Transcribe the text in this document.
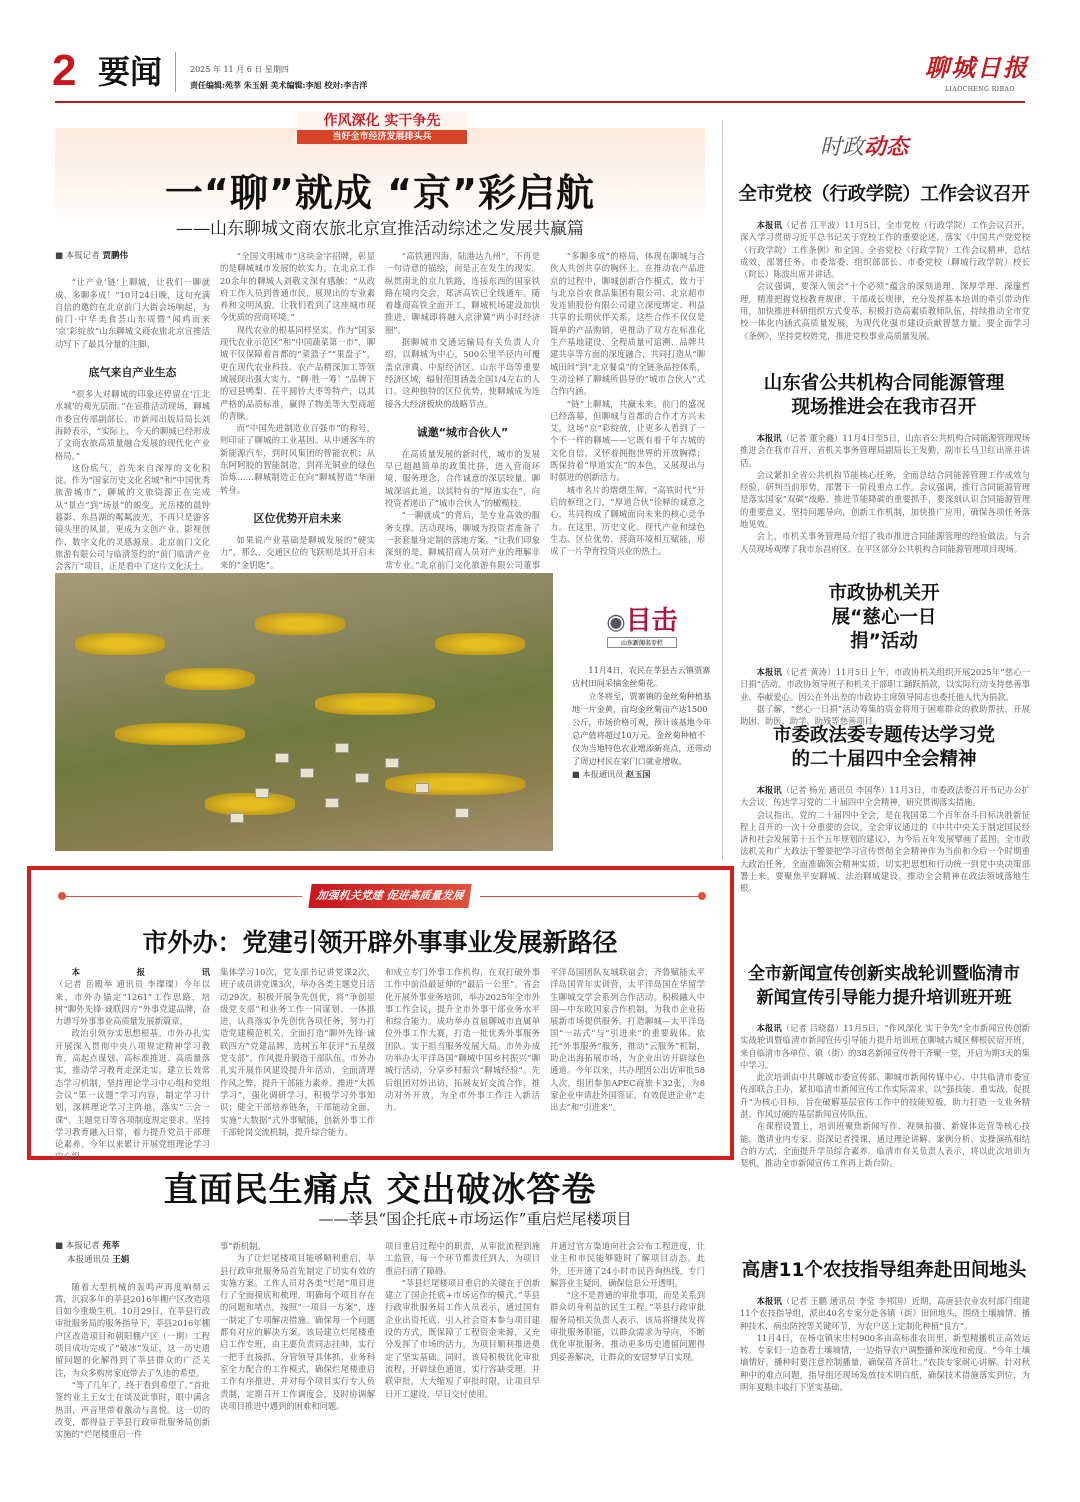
2 要闻	2025 年 11 月 6 日 星期四
责任编辑:苑莘 朱玉娟 美术编辑:李旭 校对:李吉洋
聊城日报
LIAOCHENG RIBAO
作风深化 实干争先
当好全市经济发展排头兵
一“聊”就成 “京”彩启航
——山东聊城文商农旅北京宣推活动综述之发展共赢篇
■ 本报记者 贾鹏伟

“让产业‘链’上聊城，让我们一聊就成、多聊多成！”10月24日晚，这句充满自信的邀约在北京前门大街会场响起，为前门·中华美食荟山东周暨“闻鸡而来 ‘京’彩绽放”山东聊城文商农旅北京宣推活动写下了最具分量的注脚。

底气来自产业生态

“很多人对聊城的印象还停留在‘江北水城’的观光层面。”在宣推活动现场，聊城市委宣传部副部长、市新闻出版局局长刘海龄表示，“实际上，今天的聊城已经形成了文商农旅高质量融合发展的现代化产业格局。”

这份底气，首先来自深厚的文化积淀。作为“国家历史文化名城”和“中国优秀旅游城市”，聊城的文旅资源正在完成从“景点”到“场景”的蜕变。光岳楼的晨钟暮影、东昌湖的粼粼波光，不再只是游客镜头里的风景，更成为文创产业、影视创作、数字文化的灵感源泉。北京前门文化旅游有限公司与临清签约的“前门临清产业会客厅”项目，正是看中了这片文化沃土。

“全国文明城市”这块金字招牌，彰显的是聊城城市发展的软实力。在北京工作20余年的聊城人刘敬文深有感触：“从政府工作人员到普通市民，展现出的专业素养和文明风貌，让我们看到了这座城市现今优质的营商环境。”

现代农业的根基同样坚实。作为“国家现代农业示范区”和“中国蔬菜第一市”，聊城不仅保障着首都的“菜篮子”“果盘子”，更在现代农业科技、农产品精深加工等领域展现出强大实力。“聊·胜一筹！”品牌下的冠县鸭梨、茌平圆铃大枣等特产，以其严格的品质标准，赢得了物美等大型商超的青睐。

而“中国先进制造业百强市”的称号，则印证了聊城的工业基因。从中通客车的新能源汽车，到时风集团的智能农机；从东阿阿胶的智能制造，到祥光铜业的绿色冶炼……聊城制造正在向“聊城智造”华丽转身。

区位优势开启未来

如果说产业基础是聊城发展的“硬实力”，那么，交通区位的飞跃则是其开启未来的“金钥匙”。

“高铁通四海，陆港达九州”，不再是一句诗意的描绘，而是正在发生的现实。纵贯南北的京九铁路，连接东西的国家铁路在境内交会，郑济高铁已全线通车。随着雄商高铁全面开工，聊城机场建设加快推进，聊城即将融入京津冀“两小时经济圈”。

据聊城市交通运输局有关负责人介绍，以聊城为中心，500公里半径内可覆盖京津冀、中原经济区、山东半岛等重要经济区域，辐射范围涵盖全国1/4左右的人口。这种独特的区位优势，使聊城成为连接各大经济板块的战略节点。

诚邀“城市合伙人”

在高质量发展的新时代，城市的发展早已超越简单的政策比拼，进入营商环境、服务理念、合作诚意的深层较量。聊城深谙此道，以其特有的“厚道实在”，向投资者递出了“城市合伙人”的橄榄枝。

“一聊就成”的背后，是专业高效的服务支撑。活动现场，聊城为投资者准备了一套套量身定制的落地方案。“让我们印象深刻的是，聊城招商人员对产业的理解非常专业。”北京前门文化旅游有限公司董事

“多聊多成”的格局，体现在聊城与合伙人共创共享的胸怀上。在推动农产品进京的过程中，聊城创新合作模式，致力于与北京首农食品集团有限公司、北京超市发连锁股份有限公司建立深度绑定、利益共享的长期伙伴关系。这些合作不仅仅是简单的产品购销，更推动了双方在标准化生产基地建设、全程质量可追溯、品牌共建共享等方面的深度融合，共同打造从“聊城田间”到“北京餐桌”的全链条品控体系，生动诠释了聊城所倡导的“城市合伙人”式合作内涵。

“链”上聊城，共赢未来。前门的盛况已经落幕，但聊城与首都的合作才方兴未艾。这场“京”彩绽放，让更多人看到了一个不一样的聊城——它既有着千年古城的文化自信，又怀着拥抱世界的开放胸襟；既保持着“厚道实在”的本色，又展现出与时俱进的创新活力。

城市名片的熠熠生辉，“高铁时代”开启的枢纽之门，“厚道合伙”诠释的诚意之心，共同构成了聊城面向未来的核心竞争力。在这里，历史文化、现代产业和绿色生态、区位优势、营商环境相互赋能，形成了一片孕育投资兴业的热土。

◉目击
山东新闻名专栏

11月4日，农民在莘县古云镇贾寨店村田间采摘金丝菊花。

立冬将至，贾寨镇的金丝菊种植基地一片金黄，亩均金丝菊亩产达1500公斤，市场价格可观，预计该基地今年总产值将超过10万元。金丝菊种植不仅为当地特色农业增添新亮点，还带动了周边村民在家门口就业增收。

■ 本报通讯员 赵玉国

加强机关党建 促进高质量发展
市外办：党建引领开辟外事事业发展新路径

本报讯（记者 岳殿举 通讯员 李璨璨）今年以来，市外办锚定“1261”工作思路，培树“聊外先锋·诚联四方”外事党建品牌，奋力谱写外事事业高质量发展新篇章。

政治引领夯实思想根基。市外办扎实开展深入贯彻中央八项规定精神学习教育，高起点谋划、高标准推进、高质量落实，推动学习教育走深走实。建立长效常态学习机制，坚持理论学习中心组和党组会议“第一议题”学习内容，制定学习计划，深耕理论学习主阵地，落实“三会一课”、主题党日等各项制度规定要求。坚持学习教育融入日常，着力提升党员干部理论素养。今年以来累计开展党组理论学习中心组

集体学习10次，党支部书记讲党课2次，班子成员讲党课3次，举办各类主题党日活动29次。积极开展争先创优，将“争创星级党支部”和业务工作一同谋划、一体推进，认真落实争先创优各项任务，努力打造党建模范机关，全面打造“聊外先锋·诚联四方”党建品牌，选树五年获评“五星级党支部”。作风提升锻造干部队伍。市外办扎实开展作风建设提升年活动，全面清理作风之弊，提升干部能力素养。推进“大抓学习”，强化调研学习，积极学习外事知识；健全干部培养链条，干部能动全面，实施“大数据”式外事赋能，创新外事工作干部轮岗交流机制，提升综合能力。

和成立专门外事工作机构，在双打破外事工作中前沿最延伸的“最后一公里”。省会化开展外事业务培训，举办2025年全市外事工作会议，提升全市外事干部业务水平和综合能力。成功举办首届聊城市直属单位外事工作大赛，打造一批优秀外事服务团队。实干担当服务发展大局。市外办成功举办太平洋岛国“聊城中国乡村振兴”聊城行活动，分享乡村振兴“聊城经验”。先后组团对外出访，拓展友好交流合作，推动对外开放，为全市外事工作注入新活力。

平洋岛国团队友城联谊会，齐鲁赋能太平洋岛国青年实训营，太平洋岛国在华留学生聊城交学会系列合作活动。积极融入中国—中东欧国家合作机制，为我市企业拓展新市场提供服务。打造聊城—太平洋岛国“一站式”与“引进来”的重要载体。依托“外事服务”服务，推动“云服务”机制，助企出海拓展市场，为企业出访开辟绿色通道。今年以来，共办理因公出访审批58人次，组团参加APEC商旅卡32张，为8家企业申请赴外国签证，有效促进企业“走出去”和“引进来”。

直面民生痛点 交出破冰答卷
——莘县“国企托底+市场运作”重启烂尾楼项目
■ 本报记者 苑莘
本报通讯员 王娟

随着大型机械的轰鸣声再度响彻云霄，沉寂多年的莘县2016年棚户区改造项目如今重焕生机。10月29日，在莘县行政审批服务局的服务指导下，莘县2016年棚户区改造项目和朝阳棚户区（一期）工程项目成功完成了“破冰”发证，这一历史遗留问题的化解得到了莘县群众的广泛关注，为众多购房家庭带去了久违的希望。

“等了几年了，终于看到希望了。”首批签约业主王女士在谈及此事时，眼中满含热泪，声音里带着激动与喜悦。这一切的改变，都得益于莘县行政审批服务局创新实施的“烂尾楼重启一件

事”新机制。

为了让烂尾楼项目能够顺利重启，莘县行政审批服务局首先制定了切实有效的实施方案。工作人员对各类“烂尾”项目进行了全面摸底和梳理，明确每个项目存在的问题和堵点，按照“一项目一方案”，逐一制定了专项解决措施。确保每一个问题都有对应的解决方案。该局建立烂尾楼重启工作专班，由主要负责同志挂帅，实行一把手直接抓、分管领导具体抓、业务科室全力配合的工作模式，确保烂尾楼重启工作有序推进，并对每个项目实行专人负责制，定期召开工作调度会，及时协调解决项目推进中遇到的困难和问题。

项目重启过程中的职责，从审批流程到施工监管，每一个环节都责任到人，为项目重启扫清了障碍。

“莘县烂尾楼项目重启的关键在于创新建立了国企托底+市场运作的模式。”莘县行政审批服务局工作人员表示，通过国有企业出资托底、引入社会资本参与项目建设的方式，既保障了工程资金来源，又充分发挥了市场的活力，为项目顺利推进奠定了坚实基础。同时，该局积极优化审批流程，开辟绿色通道，实行容缺受理、并联审批，大大缩短了审批时限，让项目早日开工建设、早日交付使用。

并通过官方渠道向社会公布工程进度，让业主和市民能够随时了解项目动态。此外，还开通了24小时市民咨询热线，专门解答业主疑问，确保信息公开透明。

“这不是普通的审批事项，而是关系到群众切身利益的民生工程。”莘县行政审批服务局相关负责人表示，该局将继续发挥审批服务职能，以群众需求为导向，不断优化审批服务，推动更多历史遗留问题得到妥善解决，让群众的安居梦早日实现。

时政动态
全市党校（行政学院）工作会议召开

本报讯（记者 江平波）11月5日，全市党校（行政学院）工作会议召开，深入学习贯彻习近平总书记关于党校工作的重要论述，落实《中国共产党党校（行政学院）工作条例》和全国、全省党校（行政学院）工作会议精神，总结成效，部署任务。市委常委、组织部部长、市委党校（聊城行政学院）校长（院长）陈波出席并讲话。

会议强调，要深入领会“十个必须”蕴含的深刻道理、深厚学理、深邃哲理，精准把握党校教育规律、干部成长规律，充分发挥基本培训的牵引带动作用，加快推进科研组织方式变革，积极打造高素质教师队伍，持续推动全市党校一体化内涵式高质量发展，为现代化强市建设贡献智慧力量。要全面学习《条例》，坚持党校姓党，推进党校事业高质量发展。

山东省公共机构合同能源管理现场推进会在我市召开

本报讯（记者 董全鑫）11月4日至5日，山东省公共机构合同能源管理现场推进会在我市召开，省机关事务管理局副局长王发勤，副市长马卫红出席并讲话。

会议紧扣全省公共机构节能核心任务，全面总结合同能源管理工作成效与经验，研判当前形势，部署下一阶段重点工作。会议强调，推行合同能源管理是落实国家“双碳”战略、推进节能降碳的重要抓手，要深刻认识合同能源管理的重要意义，坚持问题导向，创新工作机制，加快推广应用，确保各项任务落地见效。

会上，市机关事务管理局介绍了我市推进合同能源管理的经验做法。与会人员现场观摩了我市东昌府区、在平区部分公共机构合同能源管理项目现场。

市政协机关开展“慈心一日捐”活动

本报讯（记者 黄涛）11月5日上午，市政协机关组织开展2025年“慈心一日捐”活动。市政协领导班子和机关干部职工踊跃捐款，以实际行动支持慈善事业、奉献爱心。因公在外出差的市政协主席领导同志也委托他人代为捐款。

据了解，“慈心一日捐”活动筹集的资金将用于困难群众的救助帮扶，开展助困、助医、助学、助残等慈善项目。

市委政法委专题传达学习党的二十届四中全会精神

本报讯（记者 杨光 通讯员 李国华）11月3日，市委政法委召开书记办公扩大会议，传达学习党的二十届四中全会精神，研究贯彻落实措施。

会议指出，党的二十届四中全会，是在我国第二个百年奋斗目标决胜新征程上召开的一次十分重要的会议。全会审议通过的《中共中央关于制定国民经济和社会发展第十五个五年规划的建议》，为今后五年发展擘画了蓝图。全市政法机关和广大政法干警要把学习宣传贯彻全会精神作为当前和今后一个时期重大政治任务，全面准确领会精神实质，切实把思想和行动统一到党中央决策部署上来。要聚焦平安聊城、法治聊城建设，推动全会精神在政法领域落地生根。

全市新闻宣传创新实战轮训暨临清市新闻宣传引导能力提升培训班开班

本报讯（记者 吕晓磊）11月5日，“作风深化 实干争先”全市新闻宣传创新实战轮训暨临清市新闻宣传引导能力提升培训班在聊城古城区柳根民宿开班，来自临清市各单位、镇（街）的38名新闻宣传骨干齐聚一堂，开启为期3天的集中学习。

此次培训由中共聊城市委宣传部、聊城市新闻传媒中心、中共临清市委宣传部联合主办，紧扣临清市新闻宣传工作实际需求，以“强技能、重实战、促提升”为核心目标，旨在破解基层宣传工作中的技能短板，助力打造一支业务精湛、作风过硬的基层新闻宣传队伍。

在课程设置上，培训班聚焦新闻写作、视频拍摄、新媒体运营等核心技能，邀请业内专家、资深记者授课，通过理论讲解、案例分析、实操演练相结合的方式，全面提升学员综合素养。临清市有关负责人表示，将以此次培训为契机，推动全市新闻宣传工作再上新台阶。

高唐11个农技指导组奔赴田间地头

本报讯（记者 王鹏 通讯员 李莹 李邦国）近期，高唐县农业农村部门组建11个农技指导组，派出40名专家分赴各镇（街）田间地头，围绕土壤墒情、播种技术、病虫防控等关键环节，为农户送上定制化种植“良方”。

11月4日，在杨屯镇宋庄村900多亩高标准农田里，新型精播机正高效运转。专家们一边查看土壤墒情，一边指导农户调整播种深度和密度。“今年土壤墒情好，播种时要注意控制播量，确保苗齐苗壮。”农技专家耐心讲解。针对秋种中的难点问题，指导组还现场发放技术明白纸，确保技术措施落实到位，为明年夏粮丰收打下坚实基础。
